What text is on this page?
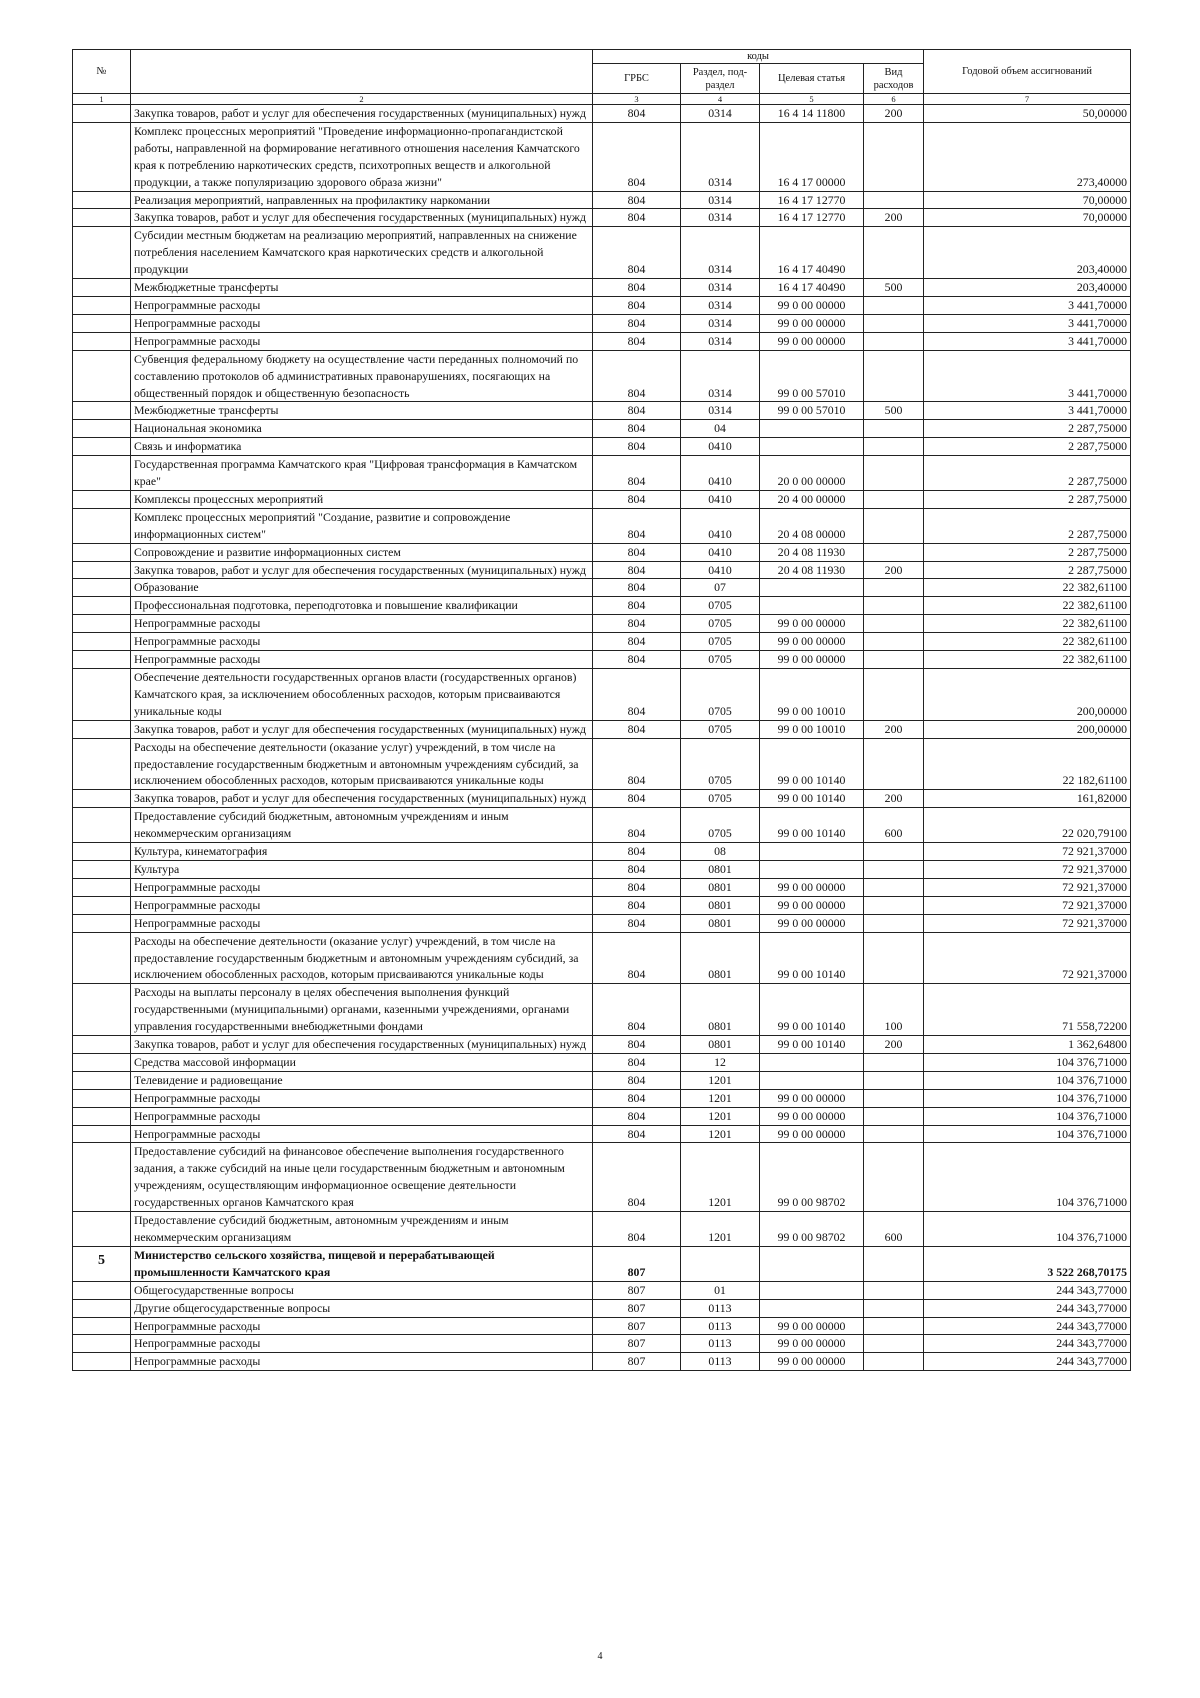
№		коды				Годовой объем ассигнований
		ГРБС	Раздел, под-раздел	Целевая статья	Вид расходов	
1	2	3	4	5	6	7
	Закупка товаров, работ и услуг для обеспечения государственных (муниципальных) нужд	804	0314	16 4 14 11800	200	50,00000
	Комплекс процессных мероприятий "Проведение информационно-пропагандистской работы, направленной на формирование негативного отношения населения Камчатского края к потреблению наркотических средств, психотропных веществ и алкогольной продукции, а также популяризацию здорового образа жизни"	804	0314	16 4 17 00000		273,40000
	Реализация мероприятий, направленных на профилактику наркомании	804	0314	16 4 17 12770		70,00000
	Закупка товаров, работ и услуг для обеспечения государственных (муниципальных) нужд	804	0314	16 4 17 12770	200	70,00000
	Субсидии местным бюджетам на реализацию мероприятий, направленных на снижение потребления населением Камчатского края наркотических средств и алкогольной продукции	804	0314	16 4 17 40490		203,40000
	Межбюджетные трансферты	804	0314	16 4 17 40490	500	203,40000
	Непрограммные расходы	804	0314	99 0 00 00000		3 441,70000
	Непрограммные расходы	804	0314	99 0 00 00000		3 441,70000
	Непрограммные расходы	804	0314	99 0 00 00000		3 441,70000
	Субвенция федеральному бюджету на осуществление части переданных полномочий по составлению протоколов об административных правонарушениях, посягающих на общественный порядок и общественную безопасность	804	0314	99 0 00 57010		3 441,70000
	Межбюджетные трансферты	804	0314	99 0 00 57010	500	3 441,70000
	Национальная экономика	804	04			2 287,75000
	Связь и информатика	804	0410			2 287,75000
	Государственная программа Камчатского края "Цифровая трансформация в Камчатском крае"	804	0410	20 0 00 00000		2 287,75000
	Комплексы процессных мероприятий	804	0410	20 4 00 00000		2 287,75000
	Комплекс процессных мероприятий "Создание, развитие и сопровождение информационных систем"	804	0410	20 4 08 00000		2 287,75000
	Сопровождение и развитие информационных систем	804	0410	20 4 08 11930		2 287,75000
	Закупка товаров, работ и услуг для обеспечения государственных (муниципальных) нужд	804	0410	20 4 08 11930	200	2 287,75000
	Образование	804	07			22 382,61100
	Профессиональная подготовка, переподготовка и повышение квалификации	804	0705			22 382,61100
	Непрограммные расходы	804	0705	99 0 00 00000		22 382,61100
	Непрограммные расходы	804	0705	99 0 00 00000		22 382,61100
	Непрограммные расходы	804	0705	99 0 00 00000		22 382,61100
	Обеспечение деятельности государственных органов власти (государственных органов) Камчатского края, за исключением обособленных расходов, которым присваиваются уникальные коды	804	0705	99 0 00 10010		200,00000
	Закупка товаров, работ и услуг для обеспечения государственных (муниципальных) нужд	804	0705	99 0 00 10010	200	200,00000
	Расходы на обеспечение деятельности (оказание услуг) учреждений, в том числе на предоставление государственным бюджетным и автономным учреждениям субсидий, за исключением обособленных расходов, которым присваиваются уникальные коды	804	0705	99 0 00 10140		22 182,61100
	Закупка товаров, работ и услуг для обеспечения государственных (муниципальных) нужд	804	0705	99 0 00 10140	200	161,82000
	Предоставление субсидий бюджетным, автономным учреждениям и иным некоммерческим организациям	804	0705	99 0 00 10140	600	22 020,79100
	Культура, кинематография	804	08			72 921,37000
	Культура	804	0801			72 921,37000
	Непрограммные расходы	804	0801	99 0 00 00000		72 921,37000
	Непрограммные расходы	804	0801	99 0 00 00000		72 921,37000
	Непрограммные расходы	804	0801	99 0 00 00000		72 921,37000
	Расходы на обеспечение деятельности (оказание услуг) учреждений, в том числе на предоставление государственным бюджетным и автономным учреждениям субсидий, за исключением обособленных расходов, которым присваиваются уникальные коды	804	0801	99 0 00 10140		72 921,37000
	Расходы на выплаты персоналу в целях обеспечения выполнения функций государственными (муниципальными) органами, казенными учреждениями, органами управления государственными внебюджетными фондами	804	0801	99 0 00 10140	100	71 558,72200
	Закупка товаров, работ и услуг для обеспечения государственных (муниципальных) нужд	804	0801	99 0 00 10140	200	1 362,64800
	Средства массовой информации	804	12			104 376,71000
	Телевидение и радиовещание	804	1201			104 376,71000
	Непрограммные расходы	804	1201	99 0 00 00000		104 376,71000
	Непрограммные расходы	804	1201	99 0 00 00000		104 376,71000
	Непрограммные расходы	804	1201	99 0 00 00000		104 376,71000
	Предоставление субсидий на финансовое обеспечение выполнения государственного задания, а также субсидий на иные цели государственным бюджетным и автономным учреждениям, осуществляющим информационное освещение деятельности государственных органов Камчатского края	804	1201	99 0 00 98702		104 376,71000
	Предоставление субсидий бюджетным, автономным учреждениям и иным некоммерческим организациям	804	1201	99 0 00 98702	600	104 376,71000
5	Министерство сельского хозяйства, пищевой и перерабатывающей промышленности Камчатского края	807				3 522 268,70175
	Общегосударственные вопросы	807	01			244 343,77000
	Другие общегосударственные вопросы	807	0113			244 343,77000
	Непрограммные расходы	807	0113	99 0 00 00000		244 343,77000
	Непрограммные расходы	807	0113	99 0 00 00000		244 343,77000
	Непрограммные расходы	807	0113	99 0 00 00000		244 343,77000
4
